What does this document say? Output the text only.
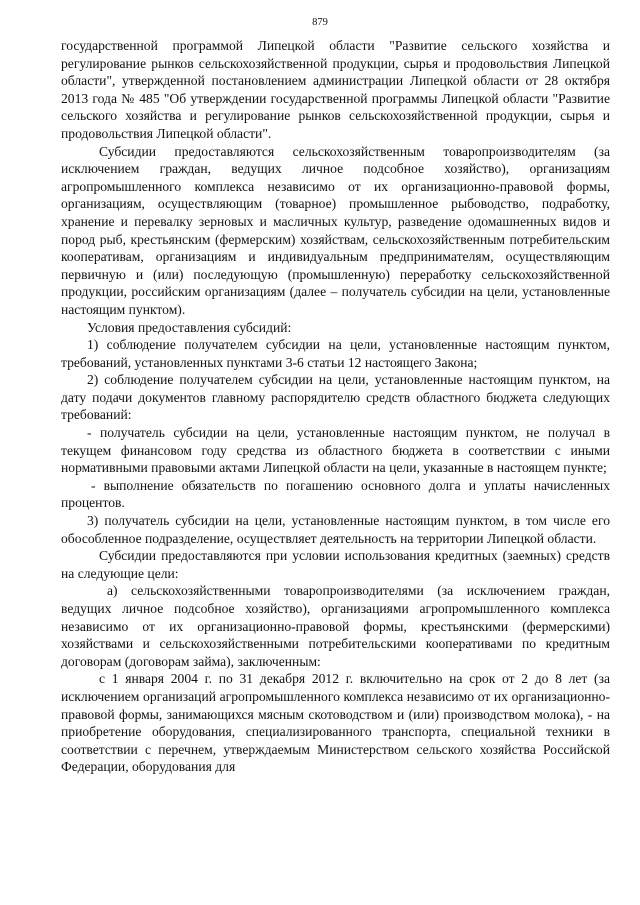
879

государственной программой Липецкой области "Развитие сельского хозяйства и регулирование рынков сельскохозяйственной продукции, сырья и продовольствия Липецкой области", утвержденной постановлением администрации Липецкой области от 28 октября 2013 года № 485 "Об утверждении государственной программы Липецкой области "Развитие сельского хозяйства и регулирование рынков сельскохозяйственной продукции, сырья и продовольствия Липецкой области".

Субсидии предоставляются сельскохозяйственным товаропроизводителям (за исключением граждан, ведущих личное подсобное хозяйство), организациям агропромышленного комплекса независимо от их организационно-правовой формы, организациям, осуществляющим (товарное) промышленное рыбоводство, подработку, хранение и перевалку зерновых и масличных культур, разведение одомашненных видов и пород рыб, крестьянским (фермерским) хозяйствам, сельскохозяйственным потребительским кооперативам, организациям и индивидуальным предпринимателям, осуществляющим первичную и (или) последующую (промышленную) переработку сельскохозяйственной продукции, российским организациям (далее – получатель субсидии на цели, установленные настоящим пунктом).

Условия предоставления субсидий:

1) соблюдение получателем субсидии на цели, установленные настоящим пунктом, требований, установленных пунктами 3-6 статьи 12 настоящего Закона;

2) соблюдение получателем субсидии на цели, установленные настоящим пунктом, на дату подачи документов главному распорядителю средств областного бюджета следующих требований:

- получатель субсидии на цели, установленные настоящим пунктом, не получал в текущем финансовом году средства из областного бюджета в соответствии с иными нормативными правовыми актами Липецкой области на цели, указанные в настоящем пункте;

- выполнение обязательств по погашению основного долга и уплаты начисленных процентов.

3) получатель субсидии на цели, установленные настоящим пунктом, в том числе его обособленное подразделение, осуществляет деятельность на территории Липецкой области.

Субсидии предоставляются при условии использования кредитных (заемных) средств на следующие цели:

а) сельскохозяйственными товаропроизводителями (за исключением граждан, ведущих личное подсобное хозяйство), организациями агропромышленного комплекса независимо от их организационно-правовой формы, крестьянскими (фермерскими) хозяйствами и сельскохозяйственными потребительскими кооперативами по кредитным договорам (договорам займа), заключенным:

с 1 января 2004 г. по 31 декабря 2012 г. включительно на срок от 2 до 8 лет (за исключением организаций агропромышленного комплекса независимо от их организационно-правовой формы, занимающихся мясным скотоводством и (или) производством молока), - на приобретение оборудования, специализированного транспорта, специальной техники в соответствии с перечнем, утверждаемым Министерством сельского хозяйства Российской Федерации, оборудования для
